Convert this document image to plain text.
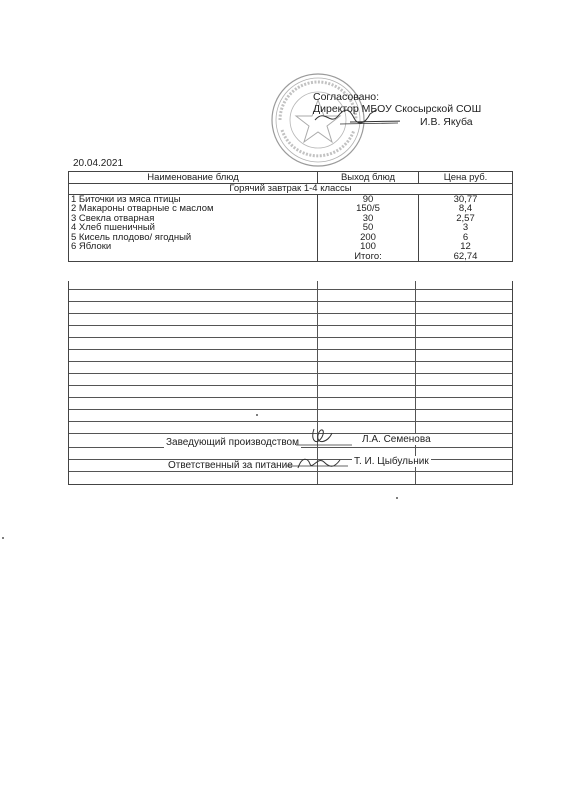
Согласовано:
Директор МБОУ Скосырской СОШ
И.В. Якуба
20.04.2021
Наименование блюд	Выход блюд	Цена руб.
Горячий завтрак 1-4 классы		
1 Биточки из мяса птицы	90	30,77
2 Макароны отварные с маслом	150/5	8,4
3 Свекла отварная	30	2,57
4 Хлеб пшеничный	50	3
5 Кисель плодово/ ягодный	200	6
6 Яблоки	100	12
	Итого:	62,74
Заведующий производством	Л.А. Семенова
Ответственный за питание	Т. И. Цыбульник
